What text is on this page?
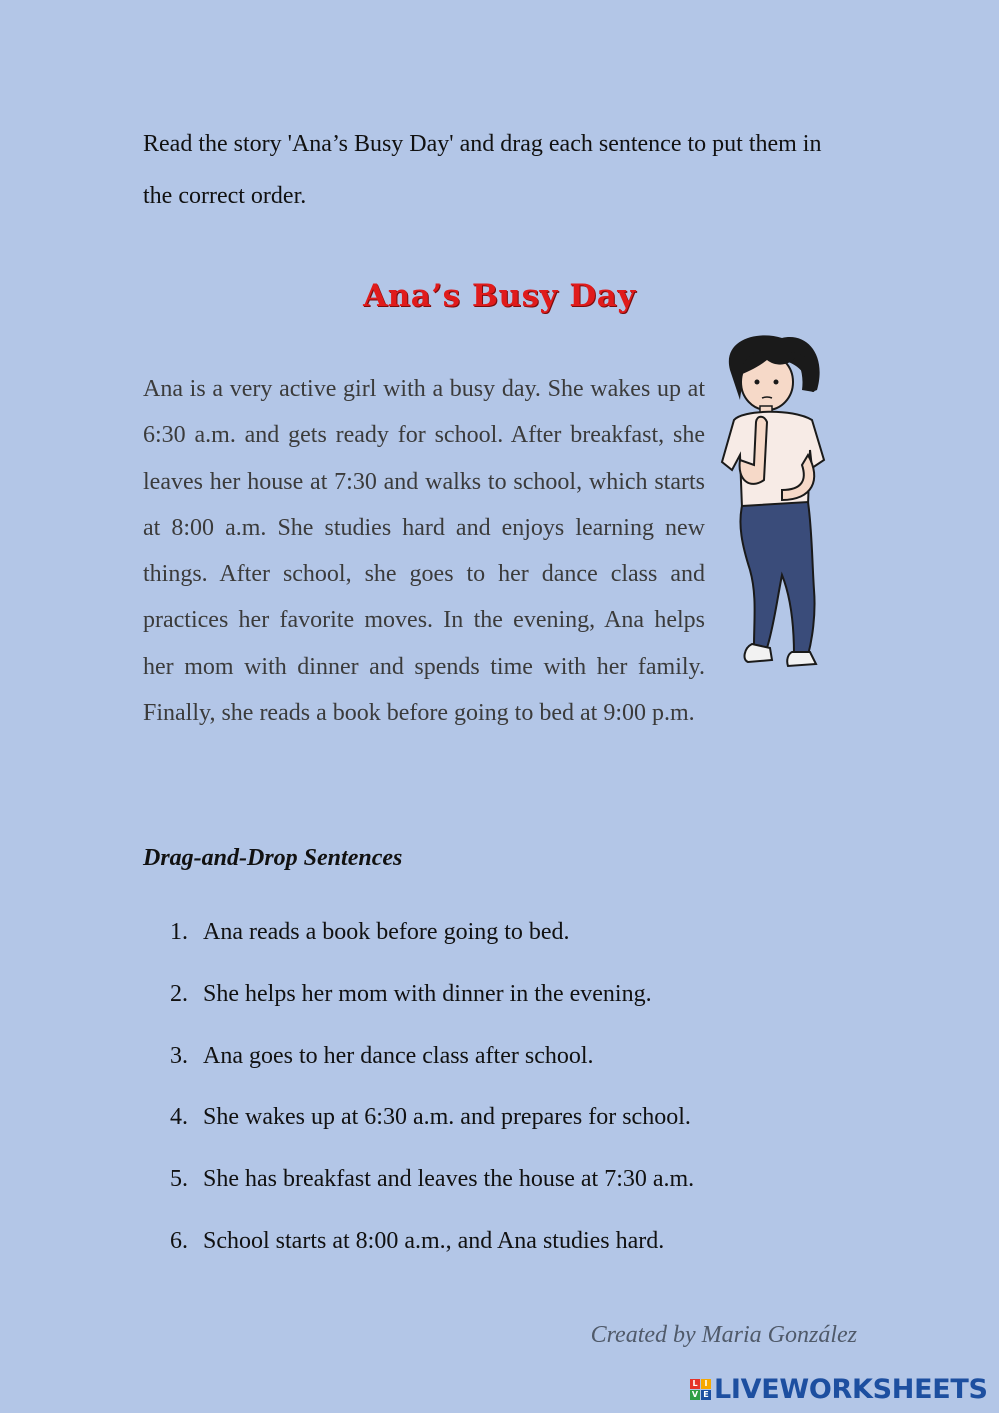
Read the story 'Ana’s Busy Day' and drag each sentence to put them in the correct order.
Ana’s Busy Day
Ana is a very active girl with a busy day. She wakes up at 6:30 a.m. and gets ready for school. After breakfast, she leaves her house at 7:30 and walks to school, which starts at 8:00 a.m. She studies hard and enjoys learning new things. After school, she goes to her dance class and practices her favorite moves. In the evening, Ana helps her mom with dinner and spends time with her family. Finally, she reads a book before going to bed at 9:00 p.m.
Drag-and-Drop Sentences
1. Ana reads a book before going to bed.
2. She helps her mom with dinner in the evening.
3. Ana goes to her dance class after school.
4. She wakes up at 6:30 a.m. and prepares for school.
5. She has breakfast and leaves the house at 7:30 a.m.
6. School starts at 8:00 a.m., and Ana studies hard.
Created by Maria González
L I
V E LIVEWORKSHEETS
